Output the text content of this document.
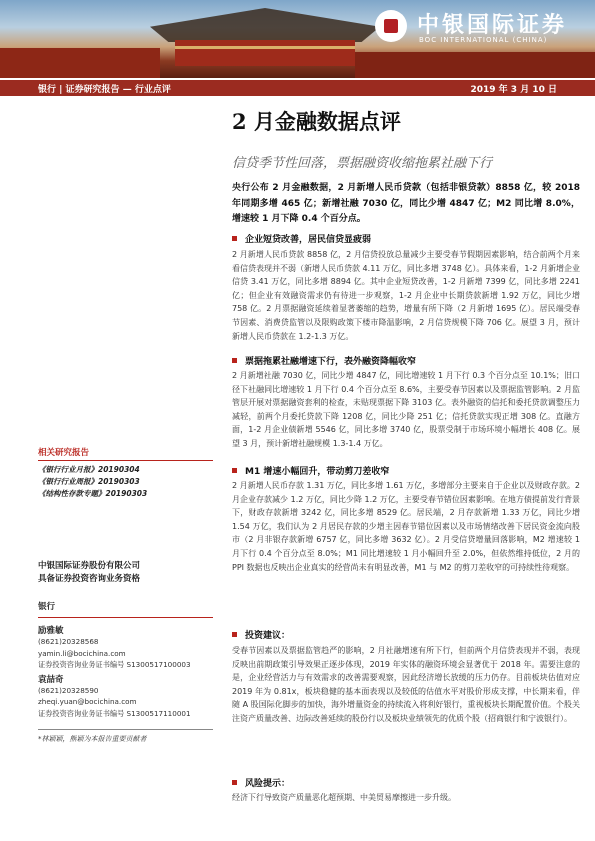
中银国际证券
BOC INTERNATIONAL (CHINA)
银行 | 证券研究报告 — 行业点评	2019 年 3 月 10 日
2 月金融数据点评
信贷季节性回落，票据融资收缩拖累社融下行
央行公布 2 月金融数据，2 月新增人民币贷款（包括非银贷款）8858 亿，较 2018 年同期多增 465 亿；新增社融 7030 亿，同比少增 4847 亿；M2 同比增 8.0%，增速较 1 月下降 0.4 个百分点。
企业短贷改善，居民信贷显疲弱
2 月新增人民币贷款 8858 亿，2 月信贷投放总量减少主要受春节假期因素影响，结合前两个月来看信贷表现并不弱（新增人民币贷款 4.11 万亿，同比多增 3748 亿）。具体来看，1-2 月新增企业信贷 3.41 万亿，同比多增 8894 亿。其中企业短贷改善，1-2 月新增 7399 亿，同比多增 2241 亿；但企业有效融资需求仍有待进一步观察，1-2 月企业中长期贷款新增 1.92 万亿，同比少增 758 亿。2 月票据融资延续着显著萎缩的趋势，增量有所下降（2 月新增 1695 亿）。居民端受春节因素、消费贷监管以及限购政策下楼市降温影响，2 月信贷规模下降 706 亿。展望 3 月，预计新增人民币贷款在 1.2-1.3 万亿。
票据拖累社融增速下行，表外融资降幅收窄
2 月新增社融 7030 亿，同比少增 4847 亿，同比增速较 1 月下行 0.3 个百分点至 10.1%；旧口径下社融同比增速较 1 月下行 0.4 个百分点至 8.6%，主要受春节因素以及票据监管影响。2 月监管层开展对票据融资套利的检查，未贴现票据下降 3103 亿。表外融资的信托和委托贷款调整压力减轻，前两个月委托贷款下降 1208 亿，同比少降 251 亿；信托贷款实现正增 308 亿。直融方面，1-2 月企业债新增 5546 亿，同比多增 3740 亿，股票受制于市场环境小幅增长 408 亿。展望 3 月，预计新增社融规模 1.3-1.4 万亿。
M1 增速小幅回升，带动剪刀差收窄
2 月新增人民币存款 1.31 万亿，同比多增 1.61 万亿，多增部分主要来自于企业以及财政存款。2 月企业存款减少 1.2 万亿，同比少降 1.2 万亿，主要受春节错位因素影响。在地方债提前发行背景下，财政存款新增 3242 亿，同比多增 8529 亿。居民端，2 月存款新增 1.33 万亿，同比少增 1.54 万亿，我们认为 2 月居民存款的少增主因春节错位因素以及市场情绪改善下居民资金流向股市（2 月非银存款新增 6757 亿，同比多增 3632 亿）。2 月受信贷增量回落影响，M2 增速较 1 月下行 0.4 个百分点至 8.0%；M1 同比增速较 1 月小幅回升至 2.0%，但依然维持低位，2 月的 PPI 数据也反映出企业真实的经营尚未有明显改善，M1 与 M2 的剪刀差收窄的可持续性待观察。
投资建议：
受春节因素以及票据监管趋严的影响，2 月社融增速有所下行，但前两个月信贷表现并不弱，表现反映出前期政策引导效果正逐步体现，2019 年实体的融资环境会显著优于 2018 年。需要注意的是，企业经营活力与有效需求的改善需要观察，因此经济增长放缓的压力仍存。目前板块估值对应 2019 年为 0.81x，板块稳健的基本面表现以及较低的估值水平对股价形成支撑，中长期来看，伴随 A 股国际化脚步的加快，海外增量资金的持续流入将利好银行，重视板块长期配置价值。个股关注资产质量改善、边际改善延续的股份行以及板块业绩领先的优质个股（招商银行和宁波银行）。
风险提示：
经济下行导致资产质量恶化超预期、中美贸易摩擦进一步升级。
相关研究报告
《银行行业月报》20190304
《银行行业周报》20190303
《结构性存款专题》20190303
中银国际证券股份有限公司
具备证券投资咨询业务资格
银行
励雅敏
(8621)20328568
yamin.li@bocichina.com
证券投资咨询业务证书编号 S1300517100003
袁喆奇
(8621)20328590
zheqi.yuan@bocichina.com
证券投资咨询业务证书编号 S1300517110001
*林颖颖，熊颖为本报告重要贡献者
